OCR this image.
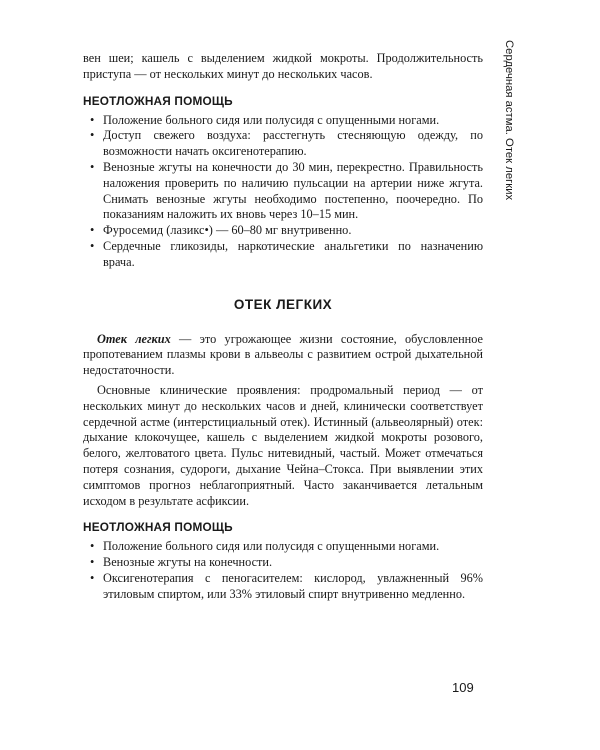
Сердечная астма. Отек легких

вен шеи; кашель с выделением жидкой мокроты. Продолжительность приступа — от нескольких минут до нескольких часов.

НЕОТЛОЖНАЯ ПОМОЩЬ
• Положение больного сидя или полусидя с опущенными ногами.
• Доступ свежего воздуха: расстегнуть стесняющую одежду, по возможности начать оксигенотерапию.
• Венозные жгуты на конечности до 30 мин, перекрестно. Правильность наложения проверить по наличию пульсации на артерии ниже жгута. Снимать венозные жгуты необходимо постепенно, поочередно. По показаниям наложить их вновь через 10–15 мин.
• Фуросемид (лазикс•) — 60–80 мг внутривенно.
• Сердечные гликозиды, наркотические анальгетики по назначению врача.
ОТЕК ЛЕГКИХ

Отек легких — это угрожающее жизни состояние, обусловленное пропотеванием плазмы крови в альвеолы с развитием острой дыхательной недостаточности.

Основные клинические проявления: продромальный период — от нескольких минут до нескольких часов и дней, клинически соответствует сердечной астме (интерстициальный отек). Истинный (альвеолярный) отек: дыхание клокочущее, кашель с выделением жидкой мокроты розового, белого, желтоватого цвета. Пульс нитевидный, частый. Может отмечаться потеря сознания, судороги, дыхание Чейна–Стокса. При выявлении этих симптомов прогноз неблагоприятный. Часто заканчивается летальным исходом в результате асфиксии.

НЕОТЛОЖНАЯ ПОМОЩЬ
• Положение больного сидя или полусидя с опущенными ногами.
• Венозные жгуты на конечности.
• Оксигенотерапия с пеногасителем: кислород, увлажненный 96% этиловым спиртом, или 33% этиловый спирт внутривенно медленно.
109
